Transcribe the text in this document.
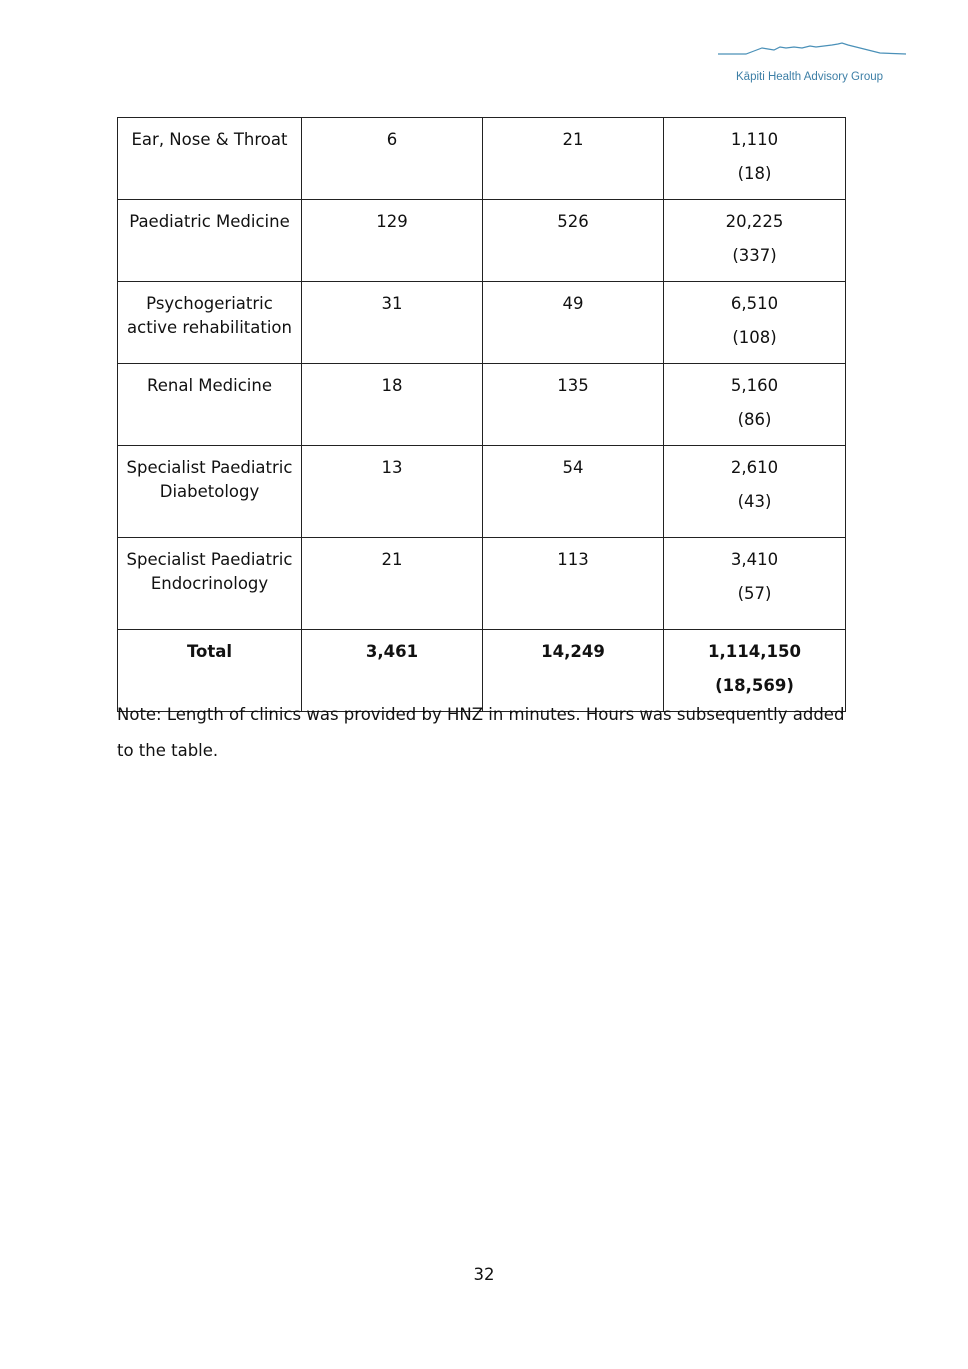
Kāpiti Health Advisory Group
Ear, Nose & Throat	6	21	1,110
(18)

Paediatric Medicine	129	526	20,225
(337)

Psychogeriatric active rehabilitation	31	49	6,510
(108)

Renal Medicine	18	135	5,160
(86)

Specialist Paediatric Diabetology	13	54	2,610
(43)

Specialist Paediatric Endocrinology	21	113	3,410
(57)

Total	3,461	14,249	1,114,150
(18,569)

Note: Length of clinics was provided by HNZ in minutes. Hours was subsequently added to the table.

32
